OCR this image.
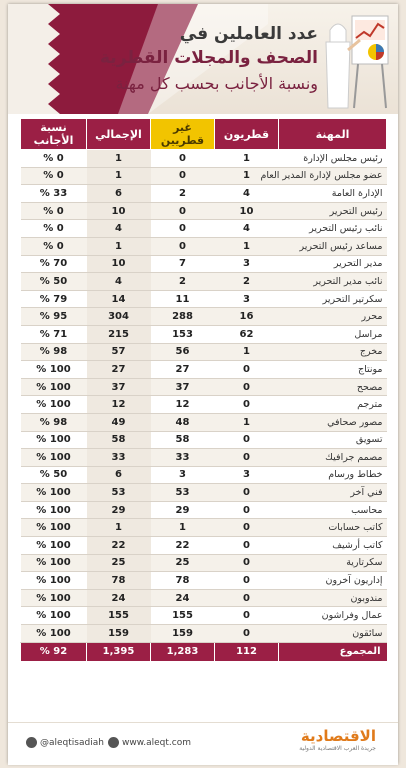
عدد العاملين في
الصحف والمجلات القطرية
ونسبة الأجانب بحسب كل مهنة
المهنة	قطريون	غير قطريين	الإجمالي	نسبة الأجانب
رئيس مجلس الإدارة	1	0	1	0 %
عضو مجلس لإدارة المدير العام	1	0	1	0 %
الإدارة العامة	4	2	6	33 %
رئيس التحرير	10	0	10	0 %
نائب رئيس التحرير	4	0	4	0 %
مساعد رئيس التحرير	1	0	1	0 %
مدير التحرير	3	7	10	70 %
نائب مدير التحرير	2	2	4	50 %
سكرتير التحرير	3	11	14	79 %
محرر	16	288	304	95 %
مراسل	62	153	215	71 %
مخرج	1	56	57	98 %
مونتاج	0	27	27	100 %
مصحح	0	37	37	100 %
مترجم	0	12	12	100 %
مصور صحافي	1	48	49	98 %
تسويق	0	58	58	100 %
مصمم جرافيك	0	33	33	100 %
خطاط ورسام	3	3	6	50 %
فني آخر	0	53	53	100 %
محاسب	0	29	29	100 %
كاتب حسابات	0	1	1	100 %
كاتب أرشيف	0	22	22	100 %
سكرتارية	0	25	25	100 %
إداريون آخرون	0	78	78	100 %
مندوبون	0	24	24	100 %
عمال وفراشون	0	155	155	100 %
سائقون	0	159	159	100 %
المجموع	112	1,283	1,395	92 %
@aleqtisadiah www.aleqt.com	الاقتصادية
جريدة العرب الاقتصادية الدولية
